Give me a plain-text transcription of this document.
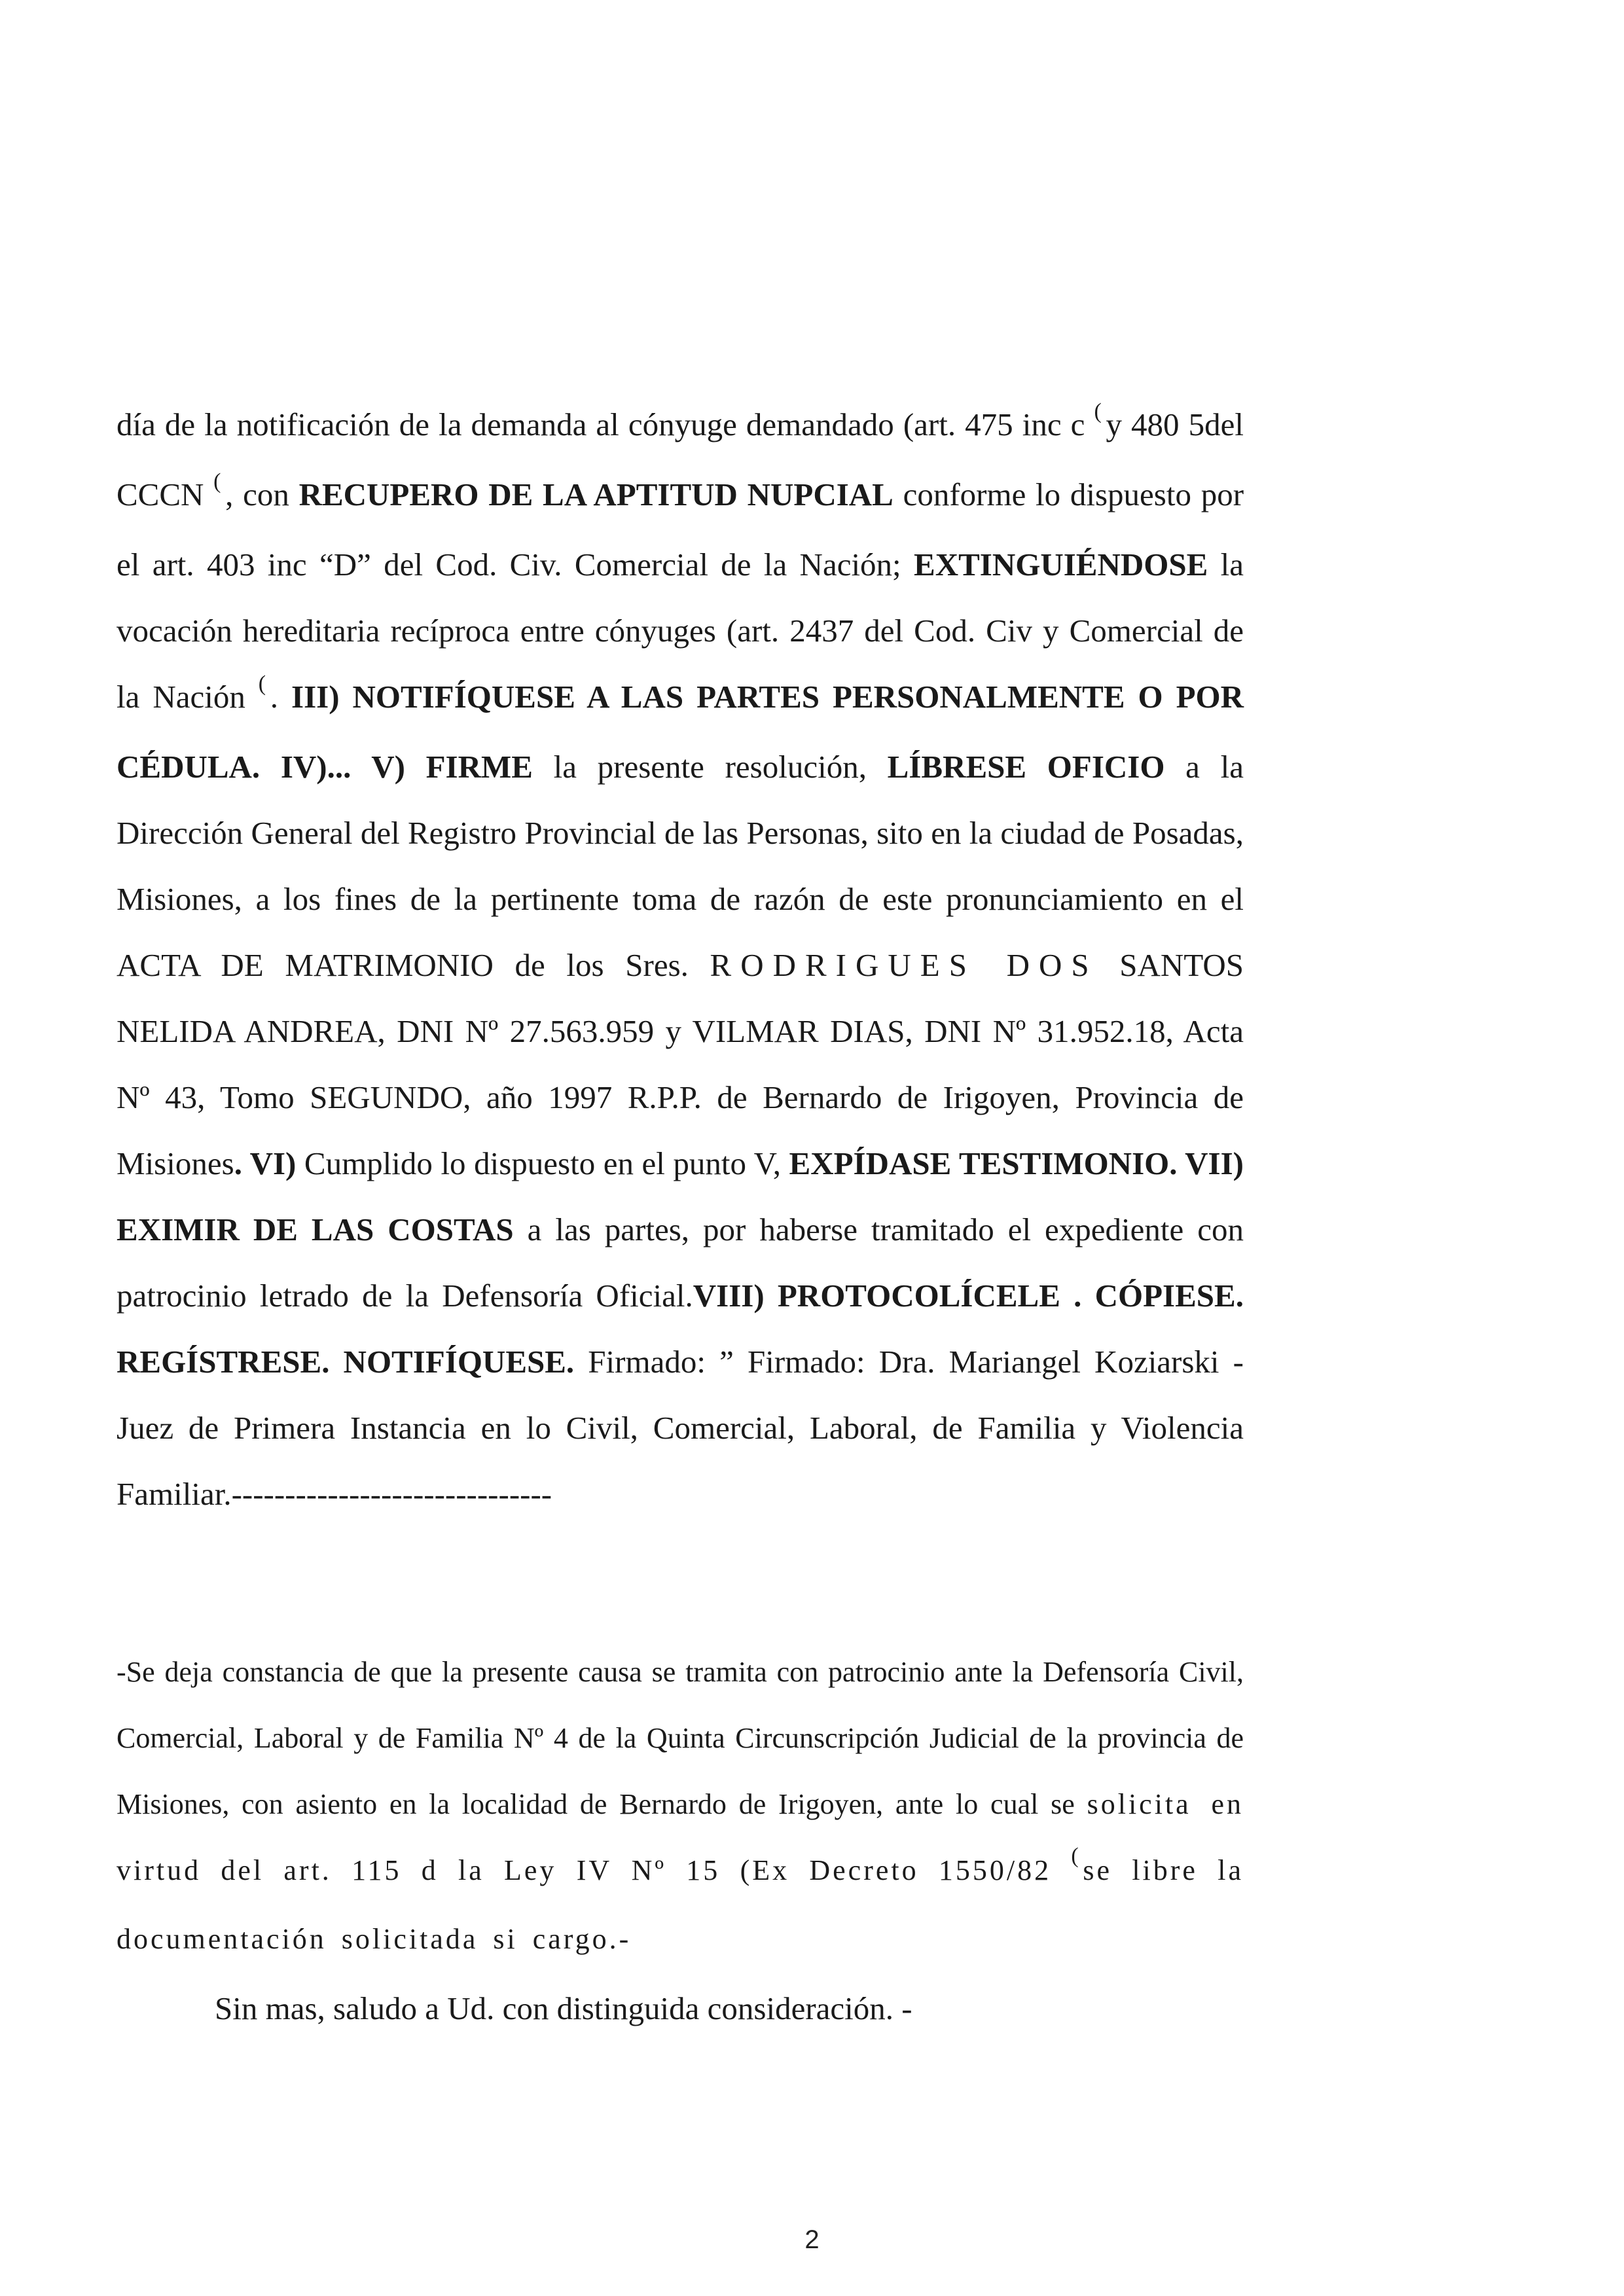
día de la notificación de la demanda al cónyuge demandado (art. 475 inc c ( y 480 5del CCCN ( , con RECUPERO DE LA APTITUD NUPCIAL conforme lo dispuesto por el art. 403 inc “D” del Cod. Civ. Comercial de la Nación; EXTINGUIÉNDOSE la vocación hereditaria recíproca entre cónyuges (art. 2437 del Cod. Civ y Comercial de la Nación ( . III) NOTIFÍQUESE A LAS PARTES PERSONALMENTE O POR CÉDULA. IV)... V) FIRME la presente resolución, LÍBRESE OFICIO a la Dirección General del Registro Provincial de las Personas, sito en la ciudad de Posadas, Misiones, a los fines de la pertinente toma de razón de este pronunciamiento en el ACTA DE MATRIMONIO de los Sres. RODRIGUES DOS SANTOS NELIDA ANDREA, DNI Nº 27.563.959 y VILMAR DIAS, DNI Nº 31.952.18, Acta Nº 43, Tomo SEGUNDO, año 1997 R.P.P. de Bernardo de Irigoyen, Provincia de Misiones. VI) Cumplido lo dispuesto en el punto V, EXPÍDASE TESTIMONIO. VII) EXIMIR DE LAS COSTAS a las partes, por haberse tramitado el expediente con patrocinio letrado de la Defensoría Oficial.VIII) PROTOCOLÍCELE . CÓPIESE. REGÍSTRESE. NOTIFÍQUESE. Firmado: ” Firmado: Dra. Mariangel Koziarski - Juez de Primera Instancia en lo Civil, Comercial, Laboral, de Familia y Violencia Familiar.------------------------------
-Se deja constancia de que la presente causa se tramita con patrocinio ante la Defensoría Civil, Comercial, Laboral y de Familia Nº 4 de la Quinta Circunscripción Judicial de la provincia de Misiones, con asiento en la localidad de Bernardo de Irigoyen, ante lo cual se solicita en virtud del art. 115 d la Ley IV Nº 15 (Ex Decreto 1550/82 ( se libre la documentación solicitada si cargo.-
Sin mas, saludo a Ud. con distinguida consideración. -
2
